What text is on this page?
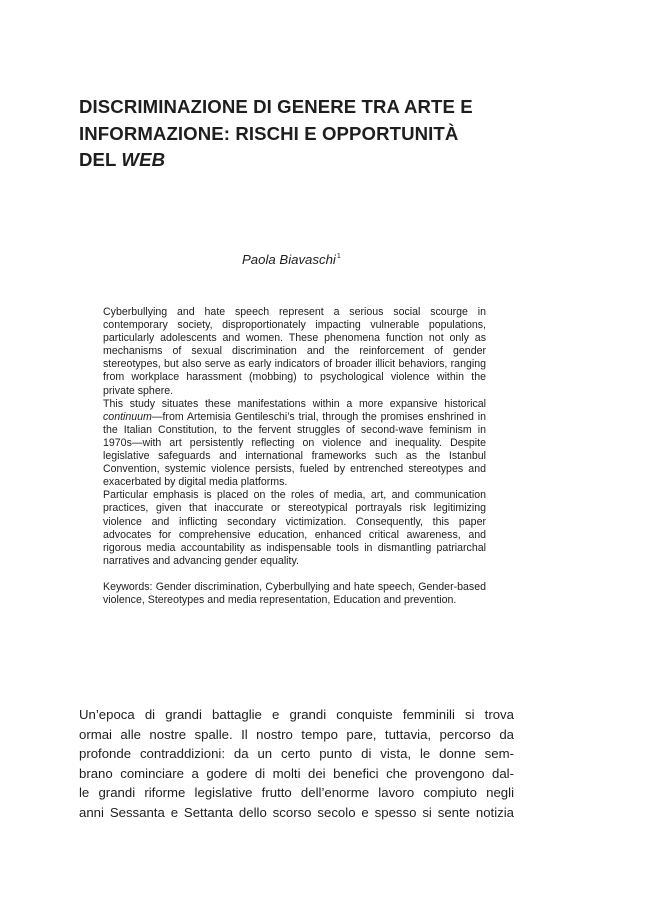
DISCRIMINAZIONE DI GENERE TRA ARTE E
INFORMAZIONE: RISCHI E OPPORTUNITÀ
DEL WEB
Paola Biavaschi$^1$

Cyberbullying and hate speech represent a serious social scourge in contemporary society, disproportionately impacting vulnerable populations, particularly adolescents and women. These phenomena function not only as mechanisms of sexual discrimination and the reinforcement of gender stereotypes, but also serve as early indicators of broader illicit behaviors, ranging from workplace harassment (mobbing) to psychological violence within the private sphere.

This study situates these manifestations within a more expansive historical continuum—from Artemisia Gentileschi’s trial, through the promises enshrined in the Italian Constitution, to the fervent struggles of second-wave feminism in 1970s—with art persistently reflecting on violence and inequality. Despite legislative safeguards and international frameworks such as the Istanbul Convention, systemic violence persists, fueled by entrenched stereotypes and exacerbated by digital media platforms.

Particular emphasis is placed on the roles of media, art, and communication practices, given that inaccurate or stereotypical portrayals risk legitimizing violence and inflicting secondary victimization. Consequently, this paper advocates for comprehensive education, enhanced critical awareness, and rigorous media accountability as indispensable tools in dismantling patriarchal narratives and advancing gender equality.

Keywords: Gender discrimination, Cyberbullying and hate speech, Gender-based violence, Stereotypes and media representation, Education and prevention.

Un’epoca di grandi battaglie e grandi conquiste femminili si trova
ormai alle nostre spalle. Il nostro tempo pare, tuttavia, percorso da
profonde contraddizioni: da un certo punto di vista, le donne sem-
brano cominciare a godere di molti dei benefici che provengono dal-
le grandi riforme legislative frutto dell’enorme lavoro compiuto negli
anni Sessanta e Settanta dello scorso secolo e spesso si sente notizia
